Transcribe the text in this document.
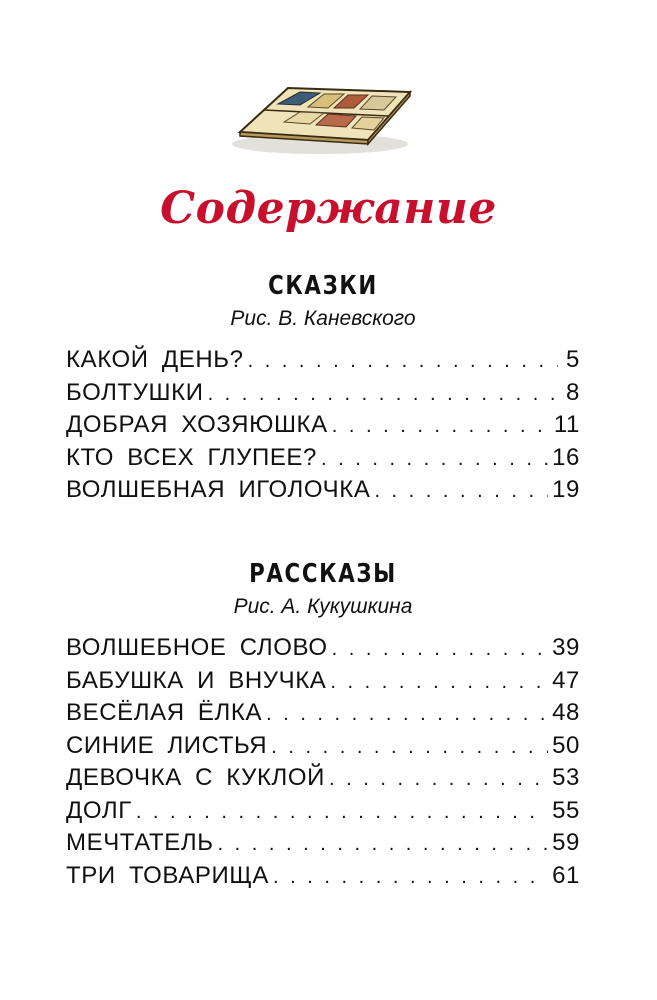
Содержание
СКАЗКИ
Рис. В. Каневского
КАКОЙ ДЕНЬ? . . .	5
БОЛТУШКИ . . .	8
ДОБРАЯ ХОЗЯЮШКА . . .	11
КТО ВСЕХ ГЛУПЕЕ? . . .	16
ВОЛШЕБНАЯ ИГОЛОЧКА . . .	19
РАССКАЗЫ
Рис. А. Кукушкина
ВОЛШЕБНОЕ СЛОВО . . .	39
БАБУШКА И ВНУЧКА . . .	47
ВЕСЁЛАЯ ЁЛКА . . .	48
СИНИЕ ЛИСТЬЯ . . .	50
ДЕВОЧКА С КУКЛОЙ . . .	53
ДОЛГ . . .	55
МЕЧТАТЕЛЬ . . .	59
ТРИ ТОВАРИЩА . . .	61
